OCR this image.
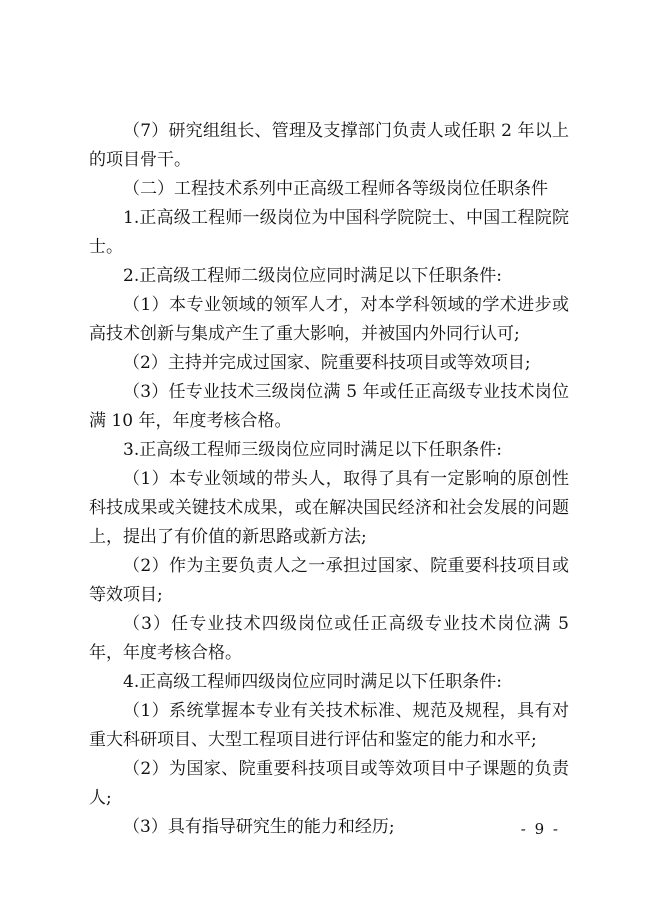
（7）研究组组长、管理及支撑部门负责人或任职 2 年以上的项目骨干。

（二）工程技术系列中正高级工程师各等级岗位任职条件

1.正高级工程师一级岗位为中国科学院院士、中国工程院院士。

2.正高级工程师二级岗位应同时满足以下任职条件:

（1）本专业领域的领军人才，对本学科领域的学术进步或高技术创新与集成产生了重大影响，并被国内外同行认可;

（2）主持并完成过国家、院重要科技项目或等效项目;

（3）任专业技术三级岗位满 5 年或任正高级专业技术岗位满 10 年，年度考核合格。

3.正高级工程师三级岗位应同时满足以下任职条件:

（1）本专业领域的带头人，取得了具有一定影响的原创性科技成果或关键技术成果，或在解决国民经济和社会发展的问题上，提出了有价值的新思路或新方法;

（2）作为主要负责人之一承担过国家、院重要科技项目或等效项目;

（3）任专业技术四级岗位或任正高级专业技术岗位满 5 年，年度考核合格。

4.正高级工程师四级岗位应同时满足以下任职条件:

（1）系统掌握本专业有关技术标准、规范及规程，具有对重大科研项目、大型工程项目进行评估和鉴定的能力和水平;

（2）为国家、院重要科技项目或等效项目中子课题的负责人;

（3）具有指导研究生的能力和经历;	- 9 -
